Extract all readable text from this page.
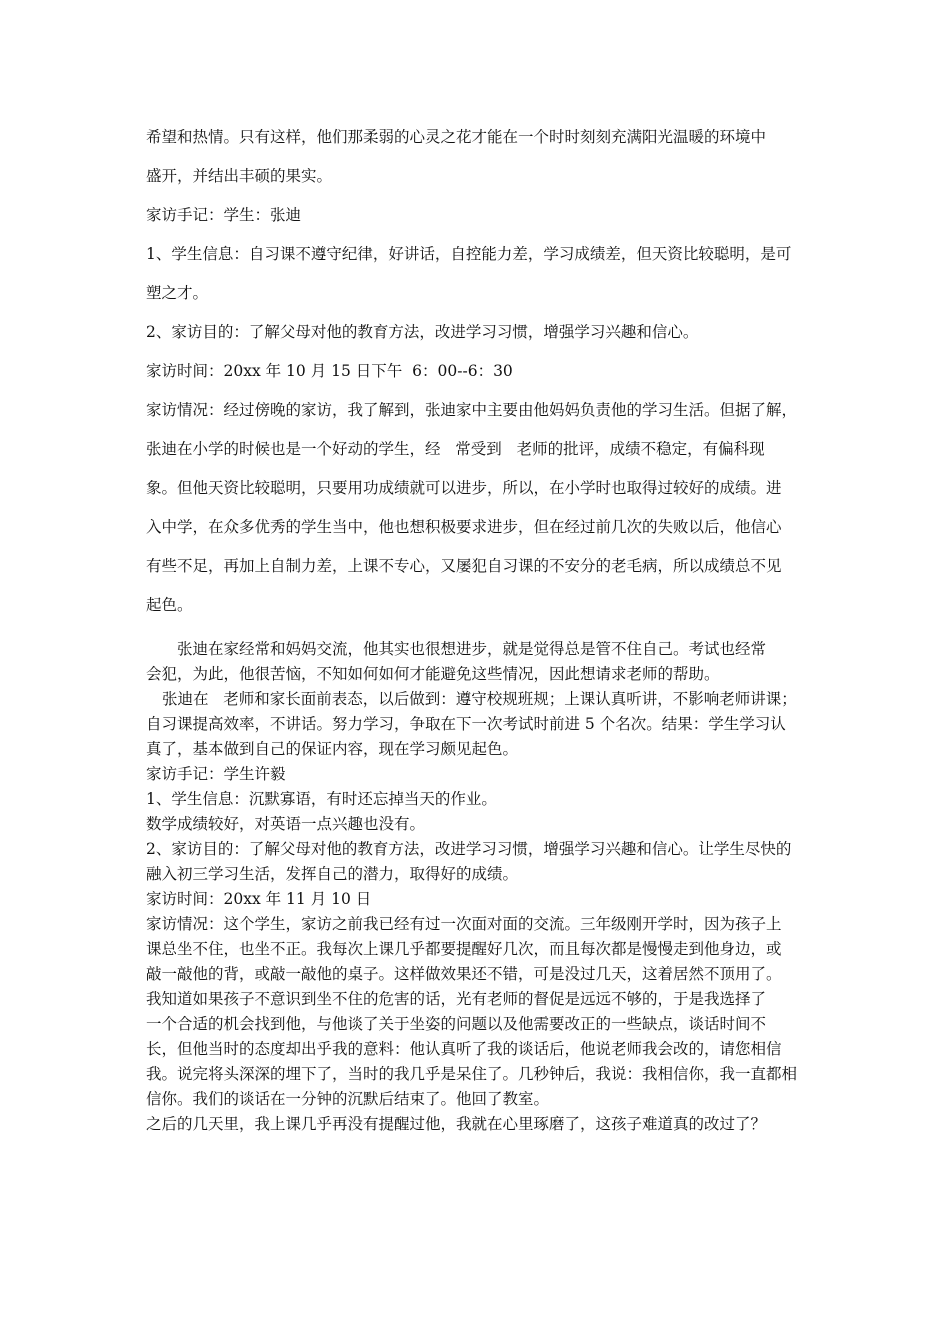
希望和热情。只有这样，他们那柔弱的心灵之花才能在一个时时刻刻充满阳光温暖的环境中

盛开，并结出丰硕的果实。

家访手记：学生：张迪

1、学生信息：自习课不遵守纪律，好讲话，自控能力差，学习成绩差，但天资比较聪明，是可

塑之才。

2、家访目的：了解父母对他的教育方法，改进学习习惯，增强学习兴趣和信心。

家访时间：20xx 年 10 月 15 日下午  6：00--6：30

家访情况：经过傍晚的家访，我了解到，张迪家中主要由他妈妈负责他的学习生活。但据了解，

张迪在小学的时候也是一个好动的学生，经   常受到   老师的批评，成绩不稳定，有偏科现

象。但他天资比较聪明，只要用功成绩就可以进步，所以，在小学时也取得过较好的成绩。进

入中学，在众多优秀的学生当中，他也想积极要求进步，但在经过前几次的失败以后，他信心

有些不足，再加上自制力差，上课不专心，又屡犯自习课的不安分的老毛病，所以成绩总不见

起色。

张迪在家经常和妈妈交流，他其实也很想进步，就是觉得总是管不住自己。考试也经常

会犯，为此，他很苦恼，不知如何如何才能避免这些情况，因此想请求老师的帮助。

张迪在   老师和家长面前表态，以后做到：遵守校规班规；上课认真听讲，不影响老师讲课；

自习课提高效率，不讲话。努力学习，争取在下一次考试时前进 5 个名次。结果：学生学习认

真了，基本做到自己的保证内容，现在学习颇见起色。

家访手记：学生许毅

1、学生信息：沉默寡语，有时还忘掉当天的作业。

数学成绩较好，对英语一点兴趣也没有。

2、家访目的：了解父母对他的教育方法，改进学习习惯，增强学习兴趣和信心。让学生尽快的

融入初三学习生活，发挥自己的潜力，取得好的成绩。

家访时间：20xx 年 11 月 10 日

家访情况：这个学生，家访之前我已经有过一次面对面的交流。三年级刚开学时，因为孩子上

课总坐不住，也坐不正。我每次上课几乎都要提醒好几次，而且每次都是慢慢走到他身边，或

敲一敲他的背，或敲一敲他的桌子。这样做效果还不错，可是没过几天，这着居然不顶用了。

我知道如果孩子不意识到坐不住的危害的话，光有老师的督促是远远不够的，于是我选择了

一个合适的机会找到他，与他谈了关于坐姿的问题以及他需要改正的一些缺点，谈话时间不

长，但他当时的态度却出乎我的意料：他认真听了我的谈话后，他说老师我会改的，请您相信

我。说完将头深深的埋下了，当时的我几乎是呆住了。几秒钟后，我说：我相信你，我一直都相

信你。我们的谈话在一分钟的沉默后结束了。他回了教室。

之后的几天里，我上课几乎再没有提醒过他，我就在心里琢磨了，这孩子难道真的改过了？
